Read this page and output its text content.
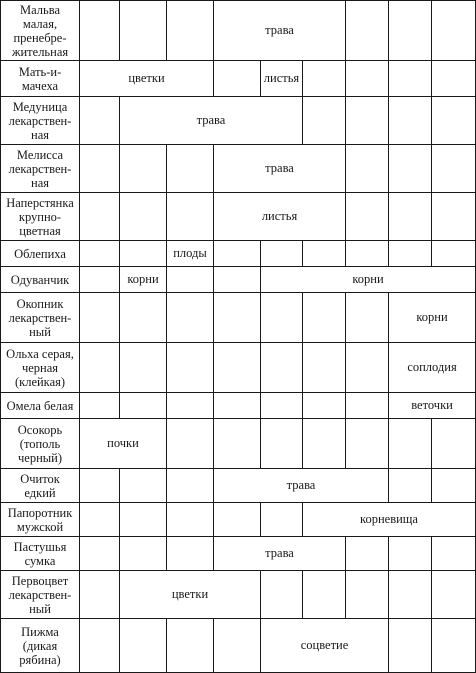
Мальва
малая,
пренебре-
жительная				трава					
Мать-и-
мачеха	цветки				листья				
Медуница
лекарствен-
ная		трава							
Мелисса
лекарствен-
ная				трава					
Наперстянка
крупно-
цветная				листья					
Облепиха			плоды						
Одуванчик		корни			корни				
Окопник
лекарствен-
ный								корни	
Ольха серая,
черная
(клейкая)								соплодия	
Омела белая								веточки	
Осокорь
(тополь
черный)	почки								
Очиток
едкий				трава					
Папоротник
мужской						корневища			
Пастушья
сумка				трава					
Первоцвет
лекарствен-
ный		цветки							
Пижма
(дикая
рябина)					соцветие				
